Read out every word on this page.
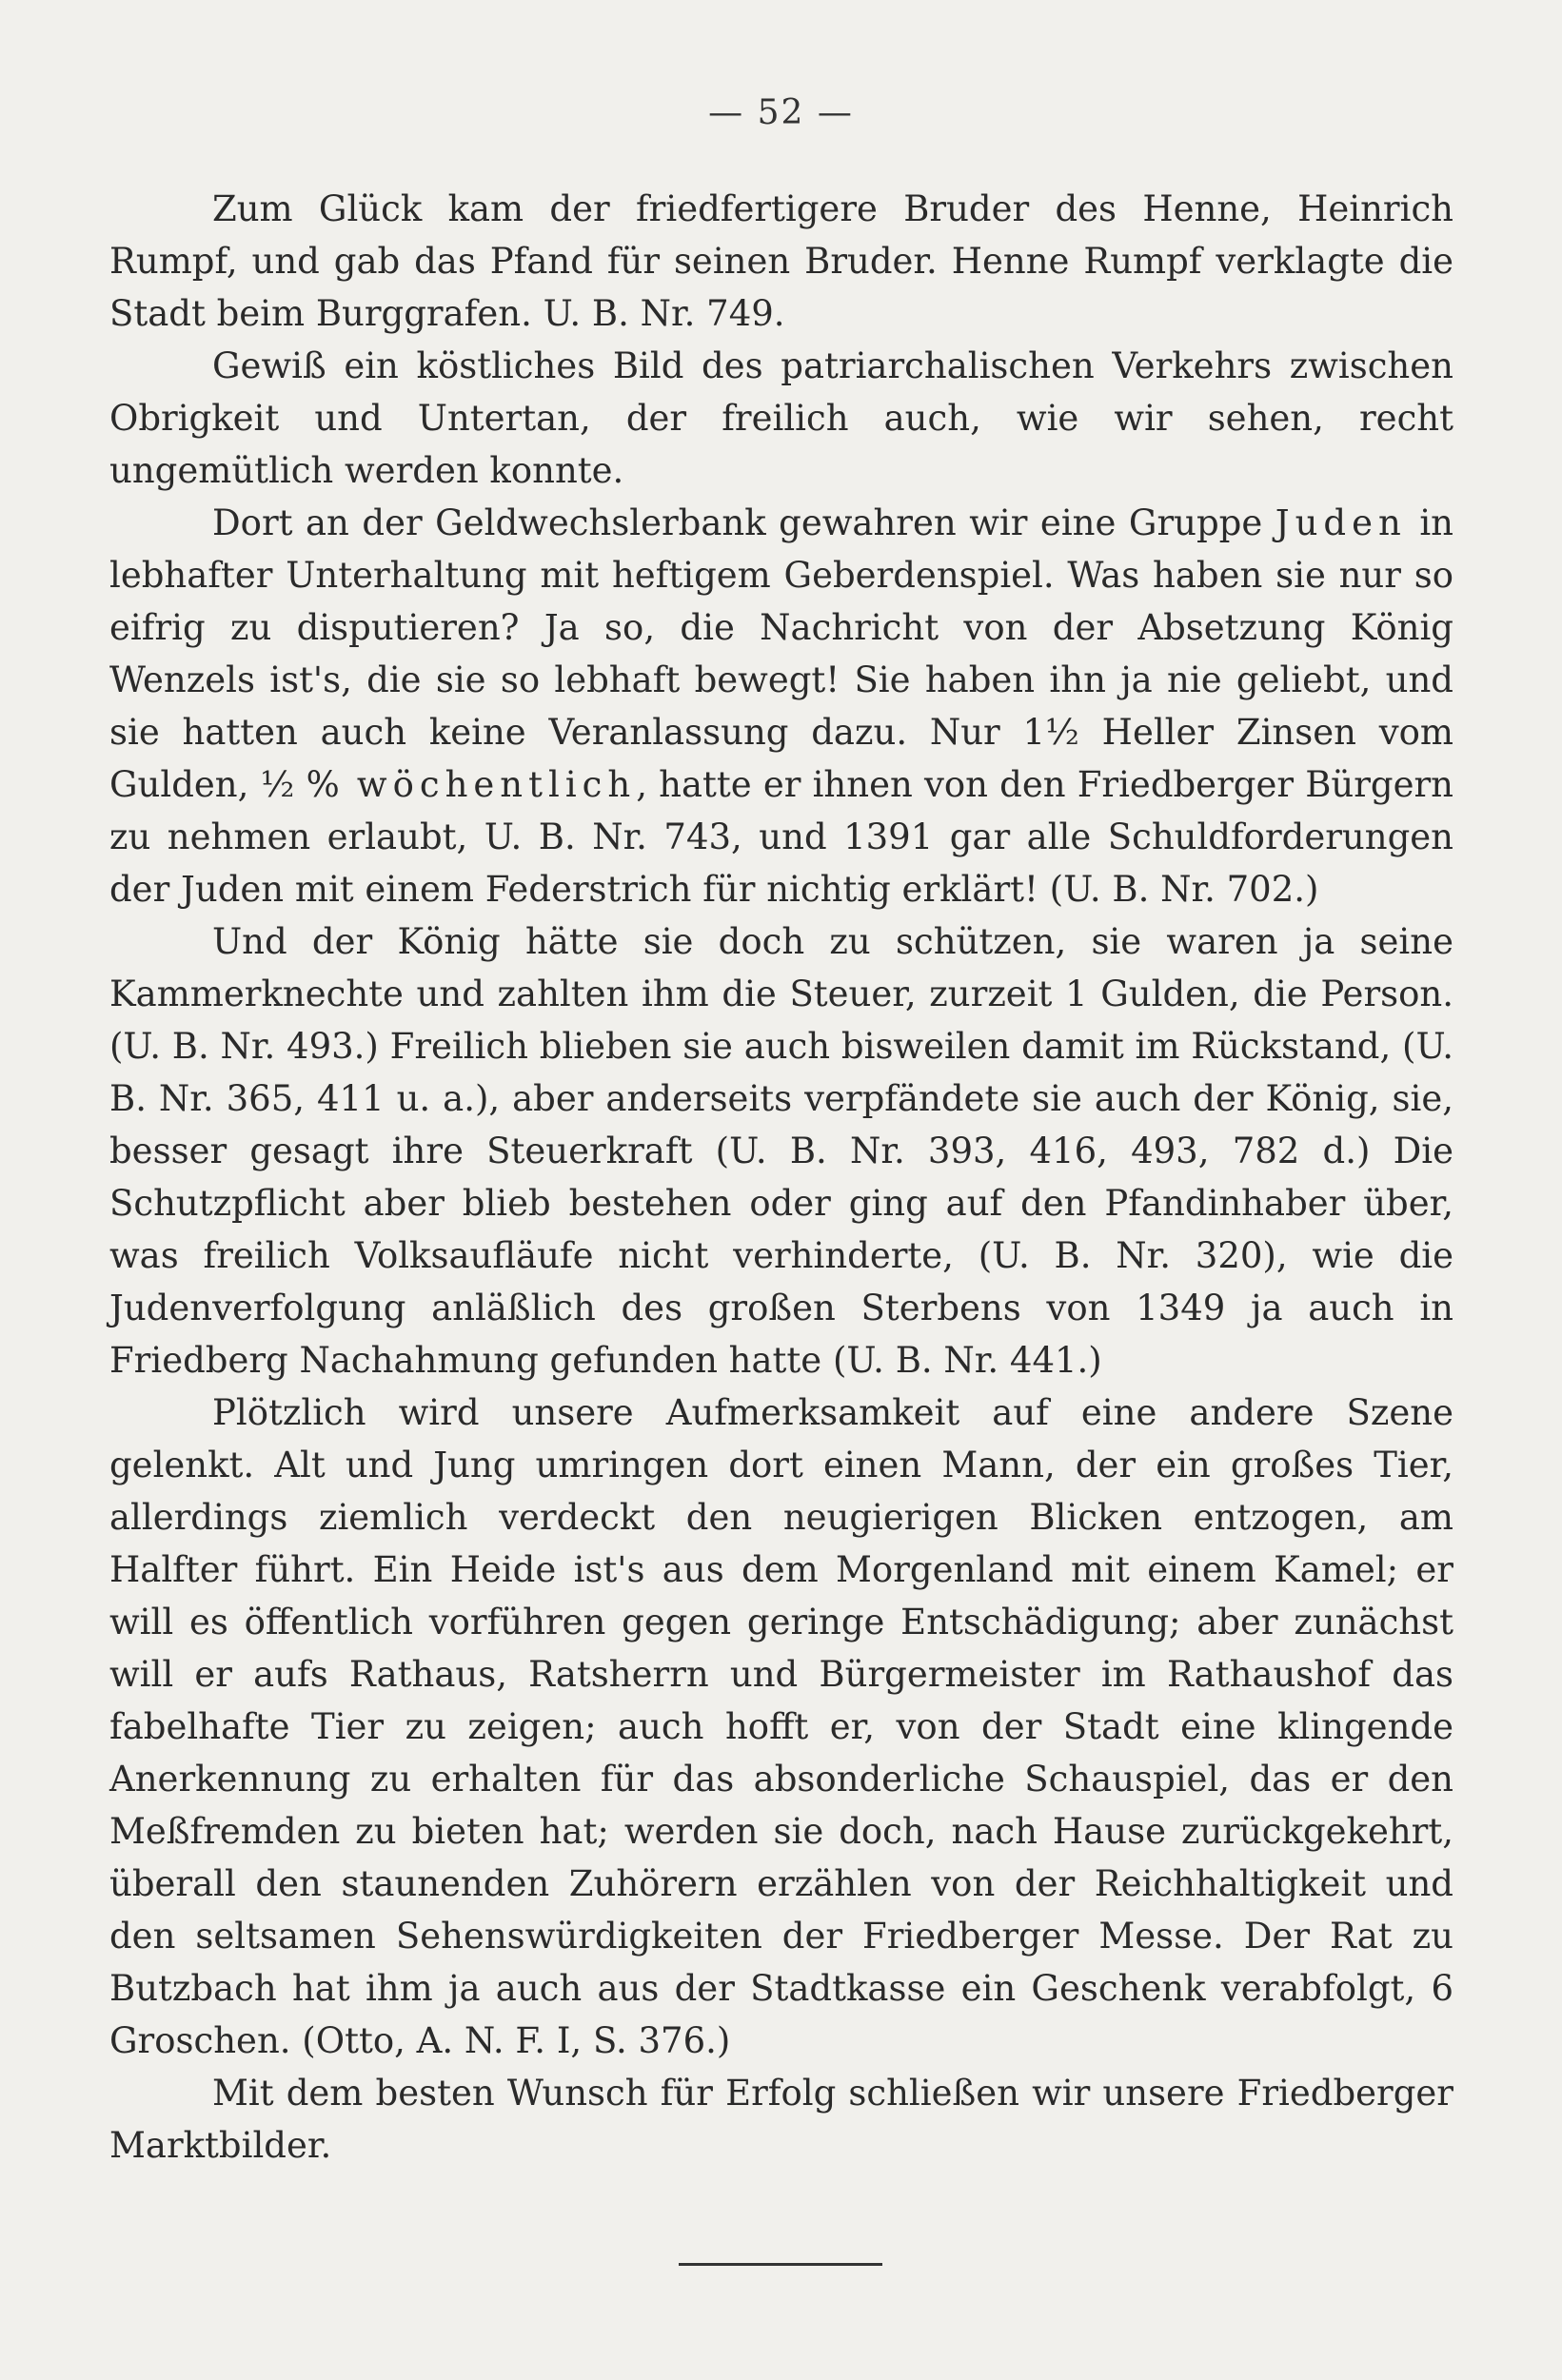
— 52 —

Zum Glück kam der friedfertigere Bruder des Henne, Heinrich Rumpf, und gab das Pfand für seinen Bruder. Henne Rumpf verklagte die Stadt beim Burggrafen. U. B. Nr. 749.

Gewiß ein köstliches Bild des patriarchalischen Verkehrs zwischen Obrigkeit und Untertan, der freilich auch, wie wir sehen, recht ungemütlich werden konnte.

Dort an der Geldwechslerbank gewahren wir eine Gruppe Juden in lebhafter Unterhaltung mit heftigem Geberdenspiel. Was haben sie nur so eifrig zu disputieren? Ja so, die Nachricht von der Absetzung König Wenzels ist's, die sie so lebhaft bewegt! Sie haben ihn ja nie geliebt, und sie hatten auch keine Veranlassung dazu. Nur 1½ Heller Zinsen vom Gulden, ½ % wöchentlich, hatte er ihnen von den Friedberger Bürgern zu nehmen erlaubt, U. B. Nr. 743, und 1391 gar alle Schuldforderungen der Juden mit einem Federstrich für nichtig erklärt! (U. B. Nr. 702.)

Und der König hätte sie doch zu schützen, sie waren ja seine Kammerknechte und zahlten ihm die Steuer, zurzeit 1 Gulden, die Person. (U. B. Nr. 493.) Freilich blieben sie auch bisweilen damit im Rückstand, (U. B. Nr. 365, 411 u. a.), aber anderseits verpfändete sie auch der König, sie, besser gesagt ihre Steuerkraft (U. B. Nr. 393, 416, 493, 782 d.) Die Schutzpflicht aber blieb bestehen oder ging auf den Pfandinhaber über, was freilich Volksaufläufe nicht verhinderte, (U. B. Nr. 320), wie die Judenverfolgung anläßlich des großen Sterbens von 1349 ja auch in Friedberg Nachahmung gefunden hatte (U. B. Nr. 441.)

Plötzlich wird unsere Aufmerksamkeit auf eine andere Szene gelenkt. Alt und Jung umringen dort einen Mann, der ein großes Tier, allerdings ziemlich verdeckt den neugierigen Blicken entzogen, am Halfter führt. Ein Heide ist's aus dem Morgenland mit einem Kamel; er will es öffentlich vorführen gegen geringe Entschädigung; aber zunächst will er aufs Rathaus, Ratsherrn und Bürgermeister im Rathaushof das fabelhafte Tier zu zeigen; auch hofft er, von der Stadt eine klingende Anerkennung zu erhalten für das absonderliche Schauspiel, das er den Meßfremden zu bieten hat; werden sie doch, nach Hause zurückgekehrt, überall den staunenden Zuhörern erzählen von der Reichhaltigkeit und den seltsamen Sehenswürdigkeiten der Friedberger Messe. Der Rat zu Butzbach hat ihm ja auch aus der Stadtkasse ein Geschenk verabfolgt, 6 Groschen. (Otto, A. N. F. I, S. 376.)

Mit dem besten Wunsch für Erfolg schließen wir unsere Friedberger Marktbilder.
